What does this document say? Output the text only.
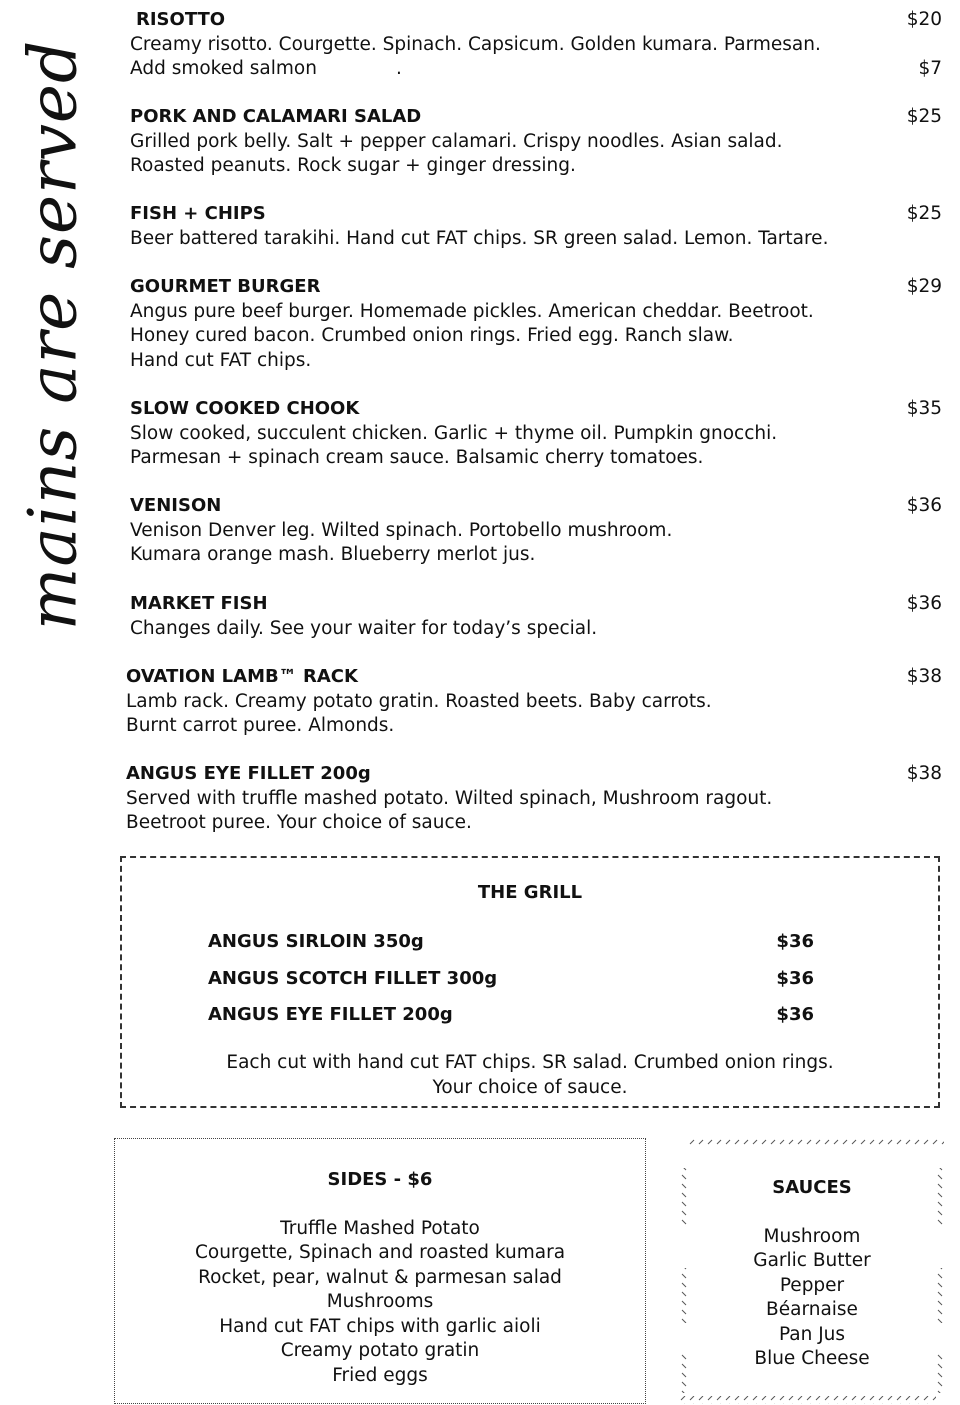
mains are served
RISOTTO	$20
Creamy risotto. Courgette. Spinach. Capsicum. Golden kumara. Parmesan.
Add smoked salmon	.	$7
PORK AND CALAMARI SALAD	$25
Grilled pork belly. Salt + pepper calamari. Crispy noodles. Asian salad.
Roasted peanuts. Rock sugar + ginger dressing.
FISH + CHIPS	$25
Beer battered tarakihi. Hand cut FAT chips. SR green salad. Lemon. Tartare.
GOURMET BURGER	$29
Angus pure beef burger. Homemade pickles. American cheddar. Beetroot.
Honey cured bacon. Crumbed onion rings. Fried egg. Ranch slaw.
Hand cut FAT chips.
SLOW COOKED CHOOK	$35
Slow cooked, succulent chicken. Garlic + thyme oil. Pumpkin gnocchi.
Parmesan + spinach cream sauce. Balsamic cherry tomatoes.
VENISON	$36
Venison Denver leg. Wilted spinach. Portobello mushroom.
Kumara orange mash. Blueberry merlot jus.
MARKET FISH	$36
Changes daily. See your waiter for today’s special.
OVATION LAMB™ RACK	$38
Lamb rack. Creamy potato gratin. Roasted beets. Baby carrots.
Burnt carrot puree. Almonds.
ANGUS EYE FILLET 200g	$38
Served with truffle mashed potato. Wilted spinach, Mushroom ragout.
Beetroot puree. Your choice of sauce.
THE GRILL
ANGUS SIRLOIN 350g	$36
ANGUS SCOTCH FILLET 300g	$36
ANGUS EYE FILLET 200g	$36
Each cut with hand cut FAT chips. SR salad. Crumbed onion rings.
Your choice of sauce.
SIDES - $6
Truffle Mashed Potato
Courgette, Spinach and roasted kumara
Rocket, pear, walnut & parmesan salad
Mushrooms
Hand cut FAT chips with garlic aioli
Creamy potato gratin
Fried eggs
SAUCES
Mushroom
Garlic Butter
Pepper
Béarnaise
Pan Jus
Blue Cheese
